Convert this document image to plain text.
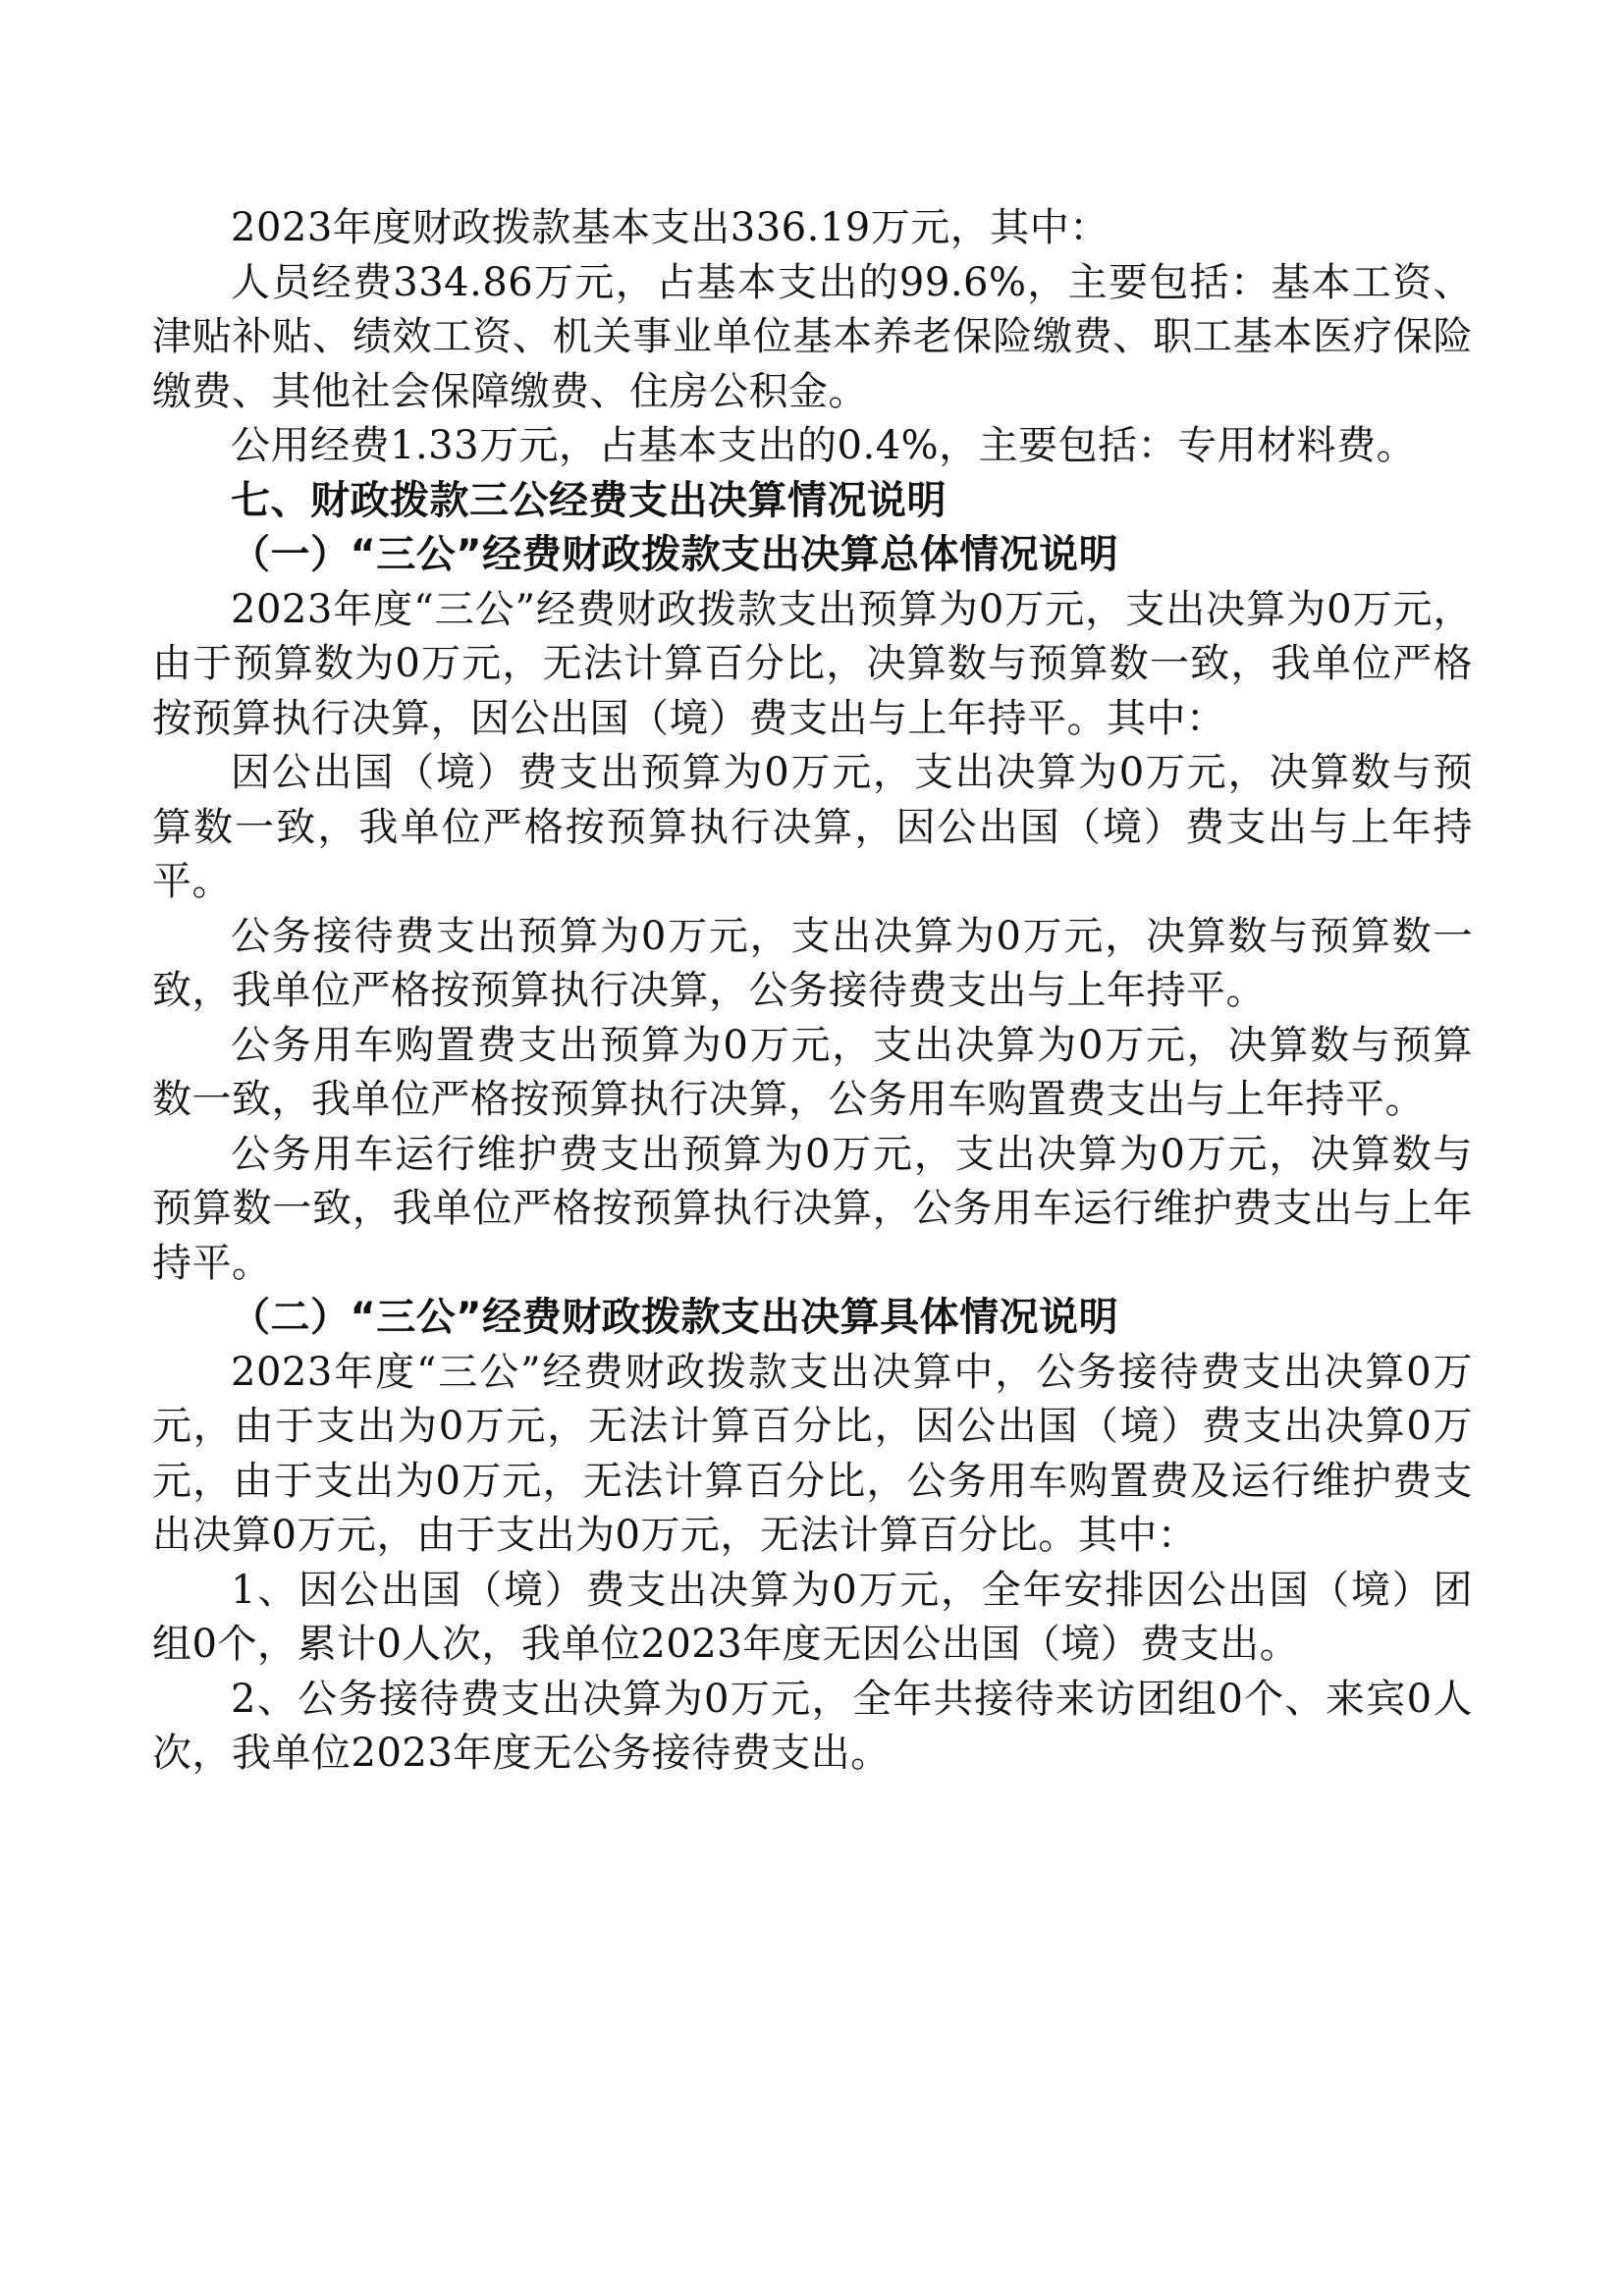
2023年度财政拨款基本支出336.19万元，其中：

人员经费334.86万元，占基本支出的99.6%，主要包括：基本工资、津贴补贴、绩效工资、机关事业单位基本养老保险缴费、职工基本医疗保险缴费、其他社会保障缴费、住房公积金。

公用经费1.33万元，占基本支出的0.4%，主要包括：专用材料费。

七、财政拨款三公经费支出决算情况说明

（一）“三公”经费财政拨款支出决算总体情况说明

2023年度“三公”经费财政拨款支出预算为0万元，支出决算为0万元，由于预算数为0万元，无法计算百分比，决算数与预算数一致，我单位严格按预算执行决算，因公出国（境）费支出与上年持平。其中：

因公出国（境）费支出预算为0万元，支出决算为0万元，决算数与预算数一致，我单位严格按预算执行决算，因公出国（境）费支出与上年持平。

公务接待费支出预算为0万元，支出决算为0万元，决算数与预算数一致，我单位严格按预算执行决算，公务接待费支出与上年持平。

公务用车购置费支出预算为0万元，支出决算为0万元，决算数与预算数一致，我单位严格按预算执行决算，公务用车购置费支出与上年持平。

公务用车运行维护费支出预算为0万元，支出决算为0万元，决算数与预算数一致，我单位严格按预算执行决算，公务用车运行维护费支出与上年持平。

（二）“三公”经费财政拨款支出决算具体情况说明

2023年度“三公”经费财政拨款支出决算中，公务接待费支出决算0万元，由于支出为0万元，无法计算百分比，因公出国（境）费支出决算0万元，由于支出为0万元，无法计算百分比，公务用车购置费及运行维护费支出决算0万元，由于支出为0万元，无法计算百分比。其中：

1、因公出国（境）费支出决算为0万元，全年安排因公出国（境）团组0个，累计0人次，我单位2023年度无因公出国（境）费支出。

2、公务接待费支出决算为0万元，全年共接待来访团组0个、来宾0人次，我单位2023年度无公务接待费支出。
